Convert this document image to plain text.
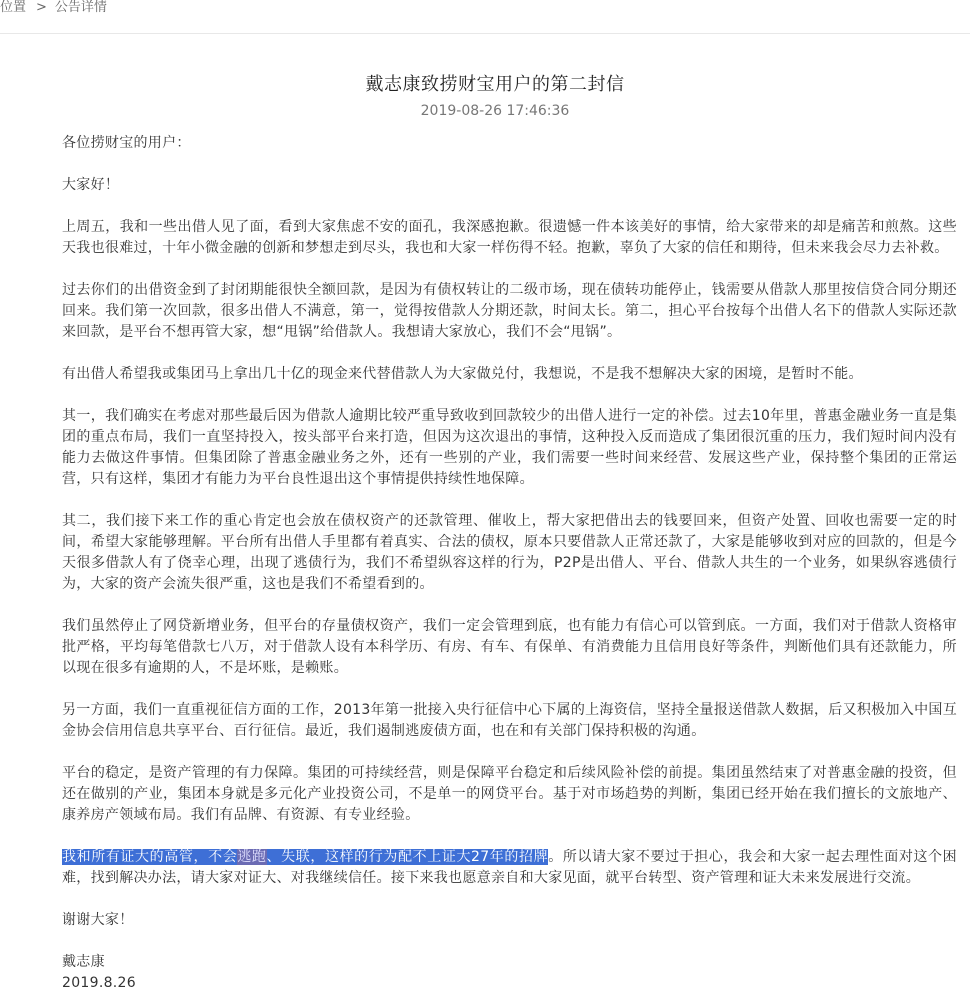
位置 > 公告详情
戴志康致捞财宝用户的第二封信
2019-08-26 17:46:36

各位捞财宝的用户：

大家好！

上周五，我和一些出借人见了面，看到大家焦虑不安的面孔，我深感抱歉。很遗憾一件本该美好的事情，给大家带来的却是痛苦和煎熬。这些天我也很难过，十年小微金融的创新和梦想走到尽头，我也和大家一样伤得不轻。抱歉，辜负了大家的信任和期待，但未来我会尽力去补救。

过去你们的出借资金到了封闭期能很快全额回款，是因为有债权转让的二级市场，现在债转功能停止，钱需要从借款人那里按信贷合同分期还回来。我们第一次回款，很多出借人不满意，第一，觉得按借款人分期还款，时间太长。第二，担心平台按每个出借人名下的借款人实际还款来回款，是平台不想再管大家，想“甩锅”给借款人。我想请大家放心，我们不会“甩锅”。

有出借人希望我或集团马上拿出几十亿的现金来代替借款人为大家做兑付，我想说，不是我不想解决大家的困境，是暂时不能。

其一，我们确实在考虑对那些最后因为借款人逾期比较严重导致收到回款较少的出借人进行一定的补偿。过去10年里，普惠金融业务一直是集团的重点布局，我们一直坚持投入，按头部平台来打造，但因为这次退出的事情，这种投入反而造成了集团很沉重的压力，我们短时间内没有能力去做这件事情。但集团除了普惠金融业务之外，还有一些别的产业，我们需要一些时间来经营、发展这些产业，保持整个集团的正常运营，只有这样，集团才有能力为平台良性退出这个事情提供持续性地保障。

其二，我们接下来工作的重心肯定也会放在债权资产的还款管理、催收上，帮大家把借出去的钱要回来，但资产处置、回收也需要一定的时间，希望大家能够理解。平台所有出借人手里都有着真实、合法的债权，原本只要借款人正常还款了，大家是能够收到对应的回款的，但是今天很多借款人有了侥幸心理，出现了逃债行为，我们不希望纵容这样的行为，P2P是出借人、平台、借款人共生的一个业务，如果纵容逃债行为，大家的资产会流失很严重，这也是我们不希望看到的。

我们虽然停止了网贷新增业务，但平台的存量债权资产，我们一定会管理到底，也有能力有信心可以管到底。一方面，我们对于借款人资格审批严格，平均每笔借款七八万，对于借款人设有本科学历、有房、有车、有保单、有消费能力且信用良好等条件，判断他们具有还款能力，所以现在很多有逾期的人，不是坏账，是赖账。

另一方面，我们一直重视征信方面的工作，2013年第一批接入央行征信中心下属的上海资信，坚持全量报送借款人数据，后又积极加入中国互金协会信用信息共享平台、百行征信。最近，我们遏制逃废债方面，也在和有关部门保持积极的沟通。

平台的稳定，是资产管理的有力保障。集团的可持续经营，则是保障平台稳定和后续风险补偿的前提。集团虽然结束了对普惠金融的投资，但还在做别的产业，集团本身就是多元化产业投资公司，不是单一的网贷平台。基于对市场趋势的判断，集团已经开始在我们擅长的文旅地产、康养房产领域布局。我们有品牌、有资源、有专业经验。

我和所有证大的高管，不会逃跑、失联，这样的行为配不上证大27年的招牌。所以请大家不要过于担心，我会和大家一起去理性面对这个困难，找到解决办法，请大家对证大、对我继续信任。接下来我也愿意亲自和大家见面，就平台转型、资产管理和证大未来发展进行交流。

谢谢大家！

戴志康

2019.8.26
